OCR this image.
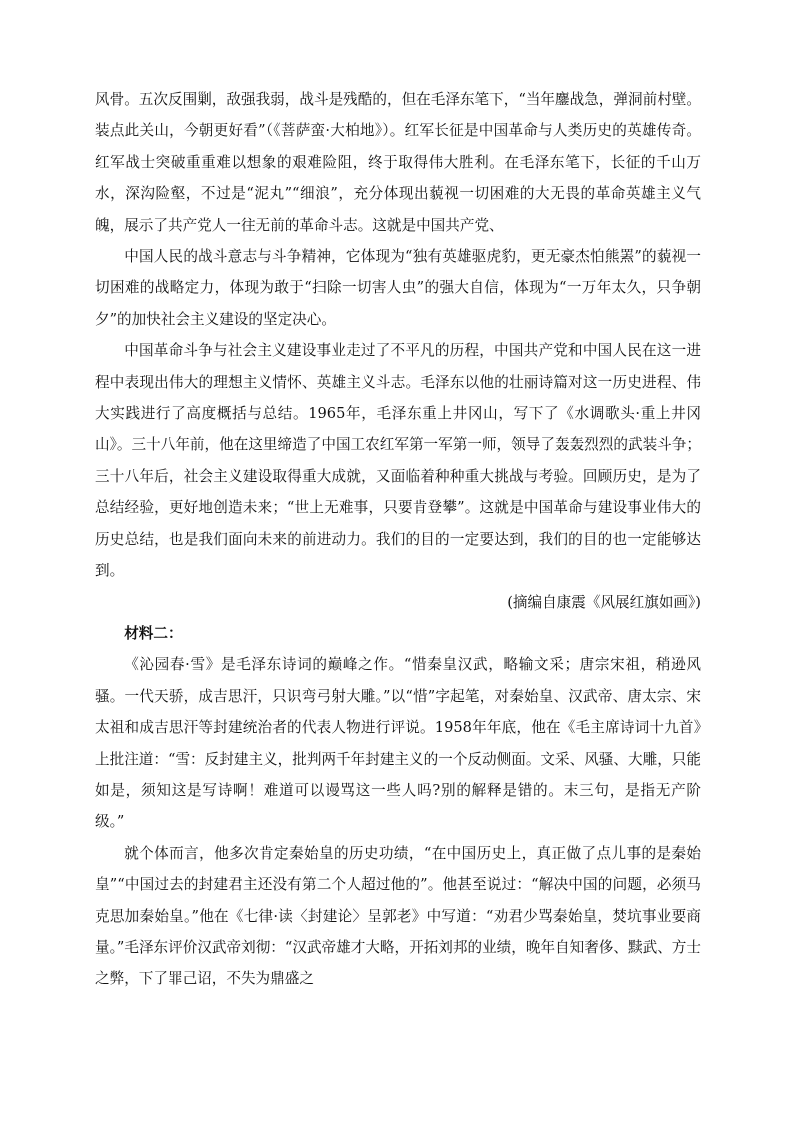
风骨。五次反围剿，敌强我弱，战斗是残酷的，但在毛泽东笔下，“当年鏖战急，弹洞前村壁。装点此关山，今朝更好看”（《菩萨蛮·大柏地》）。红军长征是中国革命与人类历史的英雄传奇。红军战士突破重重难以想象的艰难险阻，终于取得伟大胜利。在毛泽东笔下，长征的千山万水，深沟险壑，不过是“泥丸”“细浪”，充分体现出藐视一切困难的大无畏的革命英雄主义气魄，展示了共产党人一往无前的革命斗志。这就是中国共产党、

中国人民的战斗意志与斗争精神，它体现为“独有英雄驱虎豹，更无豪杰怕熊罴”的藐视一切困难的战略定力，体现为敢于“扫除一切害人虫”的强大自信，体现为“一万年太久，只争朝夕”的加快社会主义建设的坚定决心。

中国革命斗争与社会主义建设事业走过了不平凡的历程，中国共产党和中国人民在这一进程中表现出伟大的理想主义情怀、英雄主义斗志。毛泽东以他的壮丽诗篇对这一历史进程、伟大实践进行了高度概括与总结。1965年，毛泽东重上井冈山，写下了《水调歌头·重上井冈山》。三十八年前，他在这里缔造了中国工农红军第一军第一师，领导了轰轰烈烈的武装斗争；三十八年后，社会主义建设取得重大成就，又面临着种种重大挑战与考验。回顾历史，是为了总结经验，更好地创造未来；“世上无难事，只要肯登攀”。这就是中国革命与建设事业伟大的历史总结，也是我们面向未来的前进动力。我们的目的一定要达到，我们的目的也一定能够达到。

(摘编自康震《风展红旗如画》)

材料二：

《沁园春·雪》是毛泽东诗词的巅峰之作。“惜秦皇汉武，略输文采；唐宗宋祖，稍逊风骚。一代天骄，成吉思汗，只识弯弓射大雕。”以“惜”字起笔，对秦始皇、汉武帝、唐太宗、宋太祖和成吉思汗等封建统治者的代表人物进行评说。1958年年底，他在《毛主席诗词十九首》上批注道：“雪：反封建主义，批判两千年封建主义的一个反动侧面。文采、风骚、大雕，只能如是，须知这是写诗啊！难道可以谩骂这一些人吗?别的解释是错的。末三句，是指无产阶级。”

就个体而言，他多次肯定秦始皇的历史功绩，“在中国历史上，真正做了点儿事的是秦始皇”“中国过去的封建君主还没有第二个人超过他的”。他甚至说过：“解决中国的问题，必须马克思加秦始皇。”他在《七律·读〈封建论〉呈郭老》中写道：“劝君少骂秦始皇，焚坑事业要商量。”毛泽东评价汉武帝刘彻：“汉武帝雄才大略，开拓刘邦的业绩，晚年自知奢侈、黩武、方士之弊，下了罪己诏，不失为鼎盛之
